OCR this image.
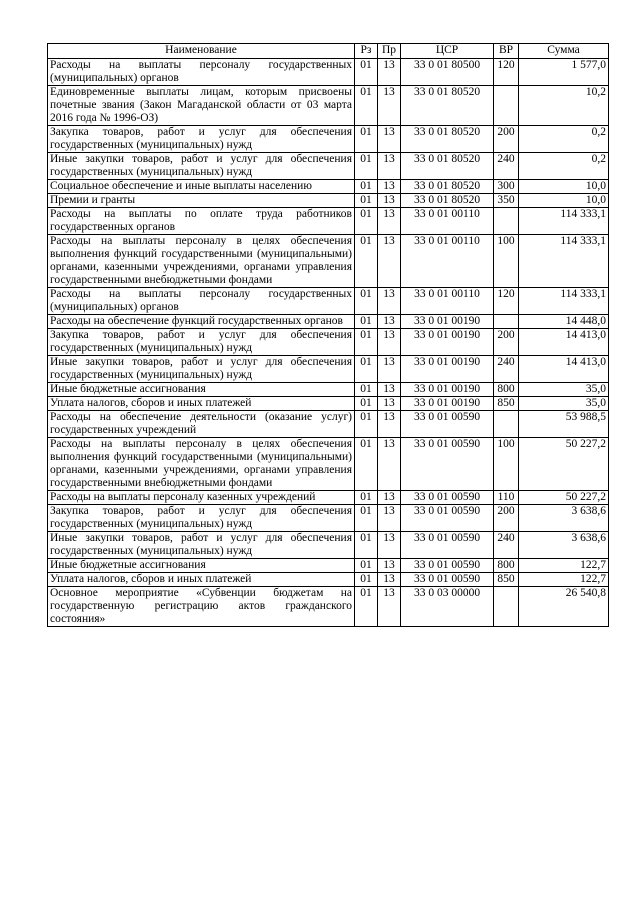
Наименование	Рз	Пр	ЦСР	ВР	Сумма
Расходы на выплаты персоналу государственных (муниципальных) органов	01	13	33 0 01 80500	120	1 577,0
Единовременные выплаты лицам, которым присвоены почетные звания (Закон Магаданской области от 03 марта 2016 года № 1996-ОЗ)	01	13	33 0 01 80520		10,2
Закупка товаров, работ и услуг для обеспечения государственных (муниципальных) нужд	01	13	33 0 01 80520	200	0,2
Иные закупки товаров, работ и услуг для обеспечения государственных (муниципальных) нужд	01	13	33 0 01 80520	240	0,2
Социальное обеспечение и иные выплаты населению	01	13	33 0 01 80520	300	10,0
Премии и гранты	01	13	33 0 01 80520	350	10,0
Расходы на выплаты по оплате труда работников государственных органов	01	13	33 0 01 00110		114 333,1
Расходы на выплаты персоналу в целях обеспечения выполнения функций государственными (муниципальными) органами, казенными учреждениями, органами управления государственными внебюджетными фондами	01	13	33 0 01 00110	100	114 333,1
Расходы на выплаты персоналу государственных (муниципальных) органов	01	13	33 0 01 00110	120	114 333,1
Расходы на обеспечение функций государственных органов	01	13	33 0 01 00190		14 448,0
Закупка товаров, работ и услуг для обеспечения государственных (муниципальных) нужд	01	13	33 0 01 00190	200	14 413,0
Иные закупки товаров, работ и услуг для обеспечения государственных (муниципальных) нужд	01	13	33 0 01 00190	240	14 413,0
Иные бюджетные ассигнования	01	13	33 0 01 00190	800	35,0
Уплата налогов, сборов и иных платежей	01	13	33 0 01 00190	850	35,0
Расходы на обеспечение деятельности (оказание услуг) государственных учреждений	01	13	33 0 01 00590		53 988,5
Расходы на выплаты персоналу в целях обеспечения выполнения функций государственными (муниципальными) органами, казенными учреждениями, органами управления государственными внебюджетными фондами	01	13	33 0 01 00590	100	50 227,2
Расходы на выплаты персоналу казенных учреждений	01	13	33 0 01 00590	110	50 227,2
Закупка товаров, работ и услуг для обеспечения государственных (муниципальных) нужд	01	13	33 0 01 00590	200	3 638,6
Иные закупки товаров, работ и услуг для обеспечения государственных (муниципальных) нужд	01	13	33 0 01 00590	240	3 638,6
Иные бюджетные ассигнования	01	13	33 0 01 00590	800	122,7
Уплата налогов, сборов и иных платежей	01	13	33 0 01 00590	850	122,7
Основное мероприятие «Субвенции бюджетам на государственную регистрацию актов гражданского состояния»	01	13	33 0 03 00000		26 540,8
